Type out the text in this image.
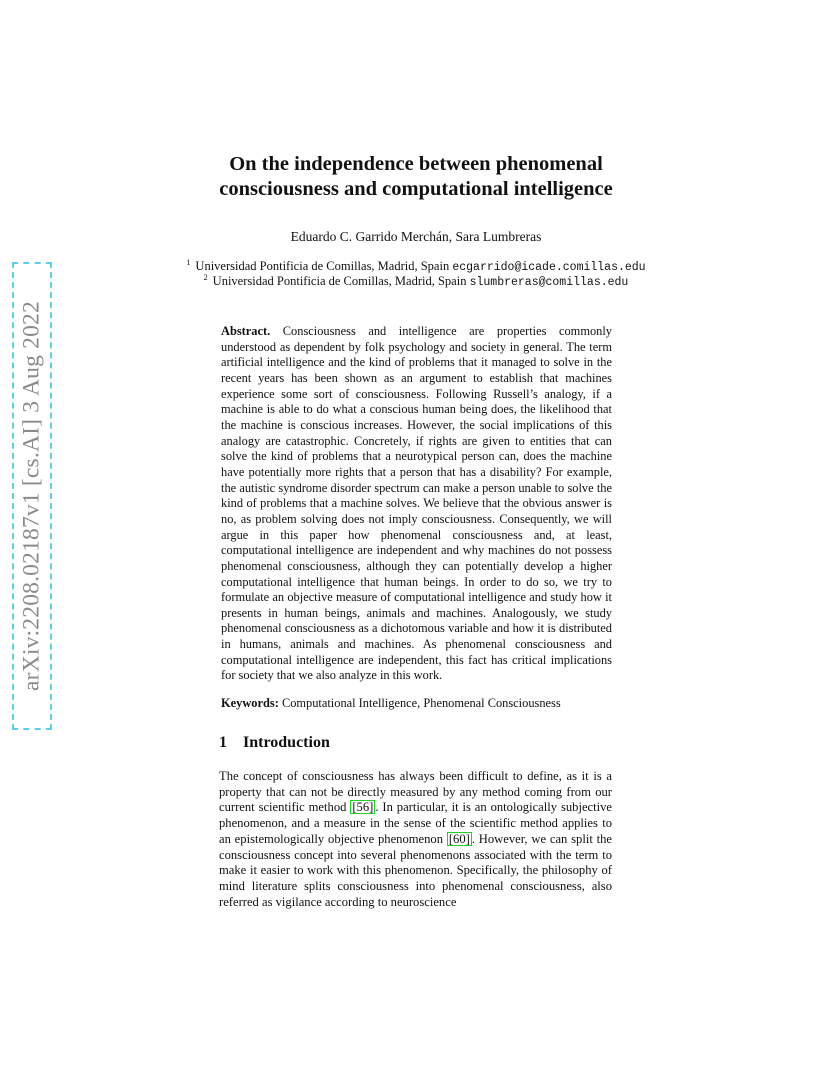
arXiv:2208.02187v1 [cs.AI] 3 Aug 2022
On the independence between phenomenal
consciousness and computational intelligence
Eduardo C. Garrido Merchán, Sara Lumbreras
$^1$ Universidad Pontificia de Comillas, Madrid, Spain ecgarrido@icade.comillas.edu
$^2$ Universidad Pontificia de Comillas, Madrid, Spain slumbreras@comillas.edu
Abstract. Consciousness and intelligence are properties commonly understood as dependent by folk psychology and society in general. The term artificial intelligence and the kind of problems that it managed to solve in the recent years has been shown as an argument to establish that machines experience some sort of consciousness. Following Russell’s analogy, if a machine is able to do what a conscious human being does, the likelihood that the machine is conscious increases. However, the social implications of this analogy are catastrophic. Concretely, if rights are given to entities that can solve the kind of problems that a neurotypical person can, does the machine have potentially more rights that a person that has a disability? For example, the autistic syndrome disorder spectrum can make a person unable to solve the kind of problems that a machine solves. We believe that the obvious answer is no, as problem solving does not imply consciousness. Consequently, we will argue in this paper how phenomenal consciousness and, at least, computational intelligence are independent and why machines do not possess phenomenal consciousness, although they can potentially develop a higher computational intelligence that human beings. In order to do so, we try to formulate an objective measure of computational intelligence and study how it presents in human beings, animals and machines. Analogously, we study phenomenal consciousness as a dichotomous variable and how it is distributed in humans, animals and machines. As phenomenal consciousness and computational intelligence are independent, this fact has critical implications for society that we also analyze in this work.
Keywords: Computational Intelligence, Phenomenal Consciousness
1 Introduction
The concept of consciousness has always been difficult to define, as it is a property that can not be directly measured by any method coming from our current scientific method [56] . In particular, it is an ontologically subjective phenomenon, and a measure in the sense of the scientific method applies to an epistemologically objective phenomenon [60] . However, we can split the consciousness concept into several phenomenons associated with the term to make it easier to work with this phenomenon. Specifically, the philosophy of mind literature splits consciousness into phenomenal consciousness, also referred as vigilance according to neuroscience
